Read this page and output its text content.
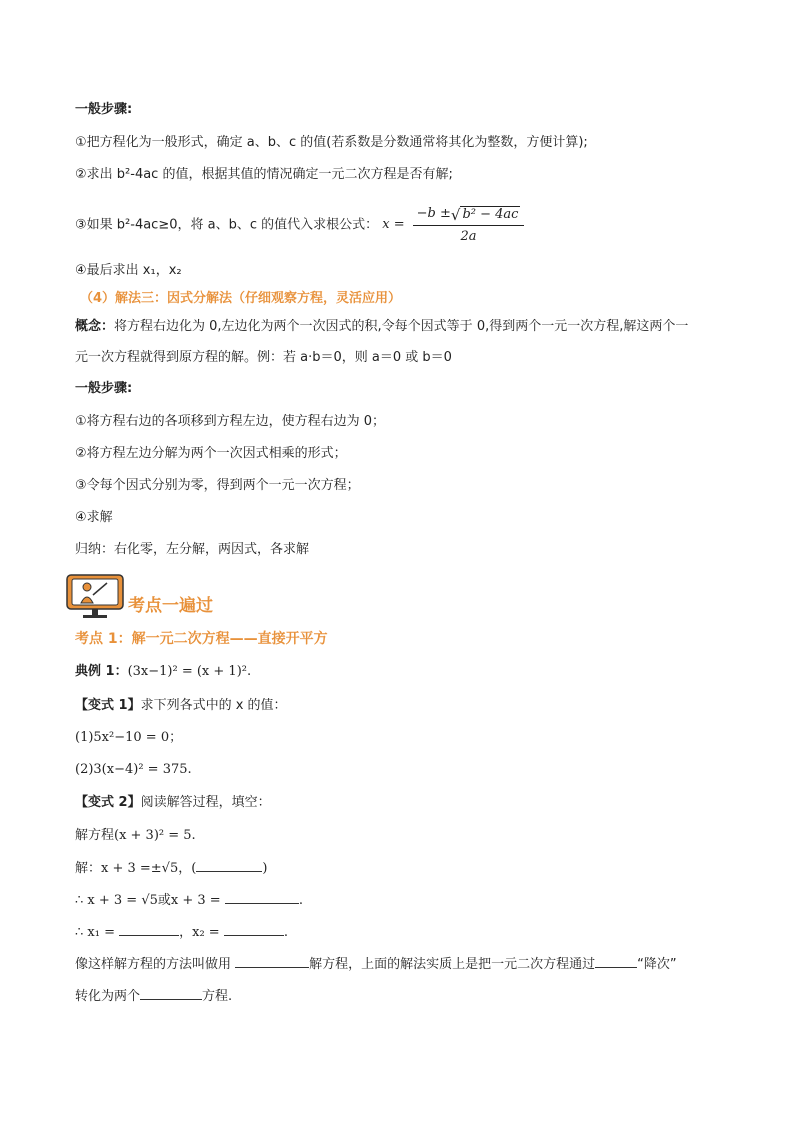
一般步骤:
①把方程化为一般形式，确定 a、b、c 的值(若系数是分数通常将其化为整数，方便计算);
②求出 b²-4ac 的值，根据其值的情况确定一元二次方程是否有解;
③如果 b²-4ac≥0，将 a、b、c 的值代入求根公式： $x = \frac{\text{−b ± √ b² − 4ac}}{2a}$
④最后求出 x₁，x₂
（4）解法三：因式分解法（仔细观察方程，灵活应用）
概念：将方程右边化为 0,左边化为两个一次因式的积,令每个因式等于 0,得到两个一元一次方程,解这两个一
元一次方程就得到原方程的解。例：若 a·b＝0，则 a＝0 或 b＝0
一般步骤:
①将方程右边的各项移到方程左边，使方程右边为 0；
②将方程左边分解为两个一次因式相乘的形式；
③令每个因式分别为零，得到两个一元一次方程；
④求解
归纳：右化零，左分解，两因式，各求解
考点一遍过
考点 1：解一元二次方程——直接开平方
典例 1：(3x−1)² = (x + 1)².
【变式 1】求下列各式中的 x 的值：
(1)5x²−10 = 0；
(2)3(x−4)² = 375.
【变式 2】阅读解答过程，填空：
解方程(x + 3)² = 5.
解：x + 3 =±√5，(	)
∴ x + 3 = √5或x + 3 =	.
∴ x₁ =	，x₂ =	.
像这样解方程的方法叫做用	解方程，上面的解法实质上是把一元二次方程通过	“降次”
转化为两个	方程.
